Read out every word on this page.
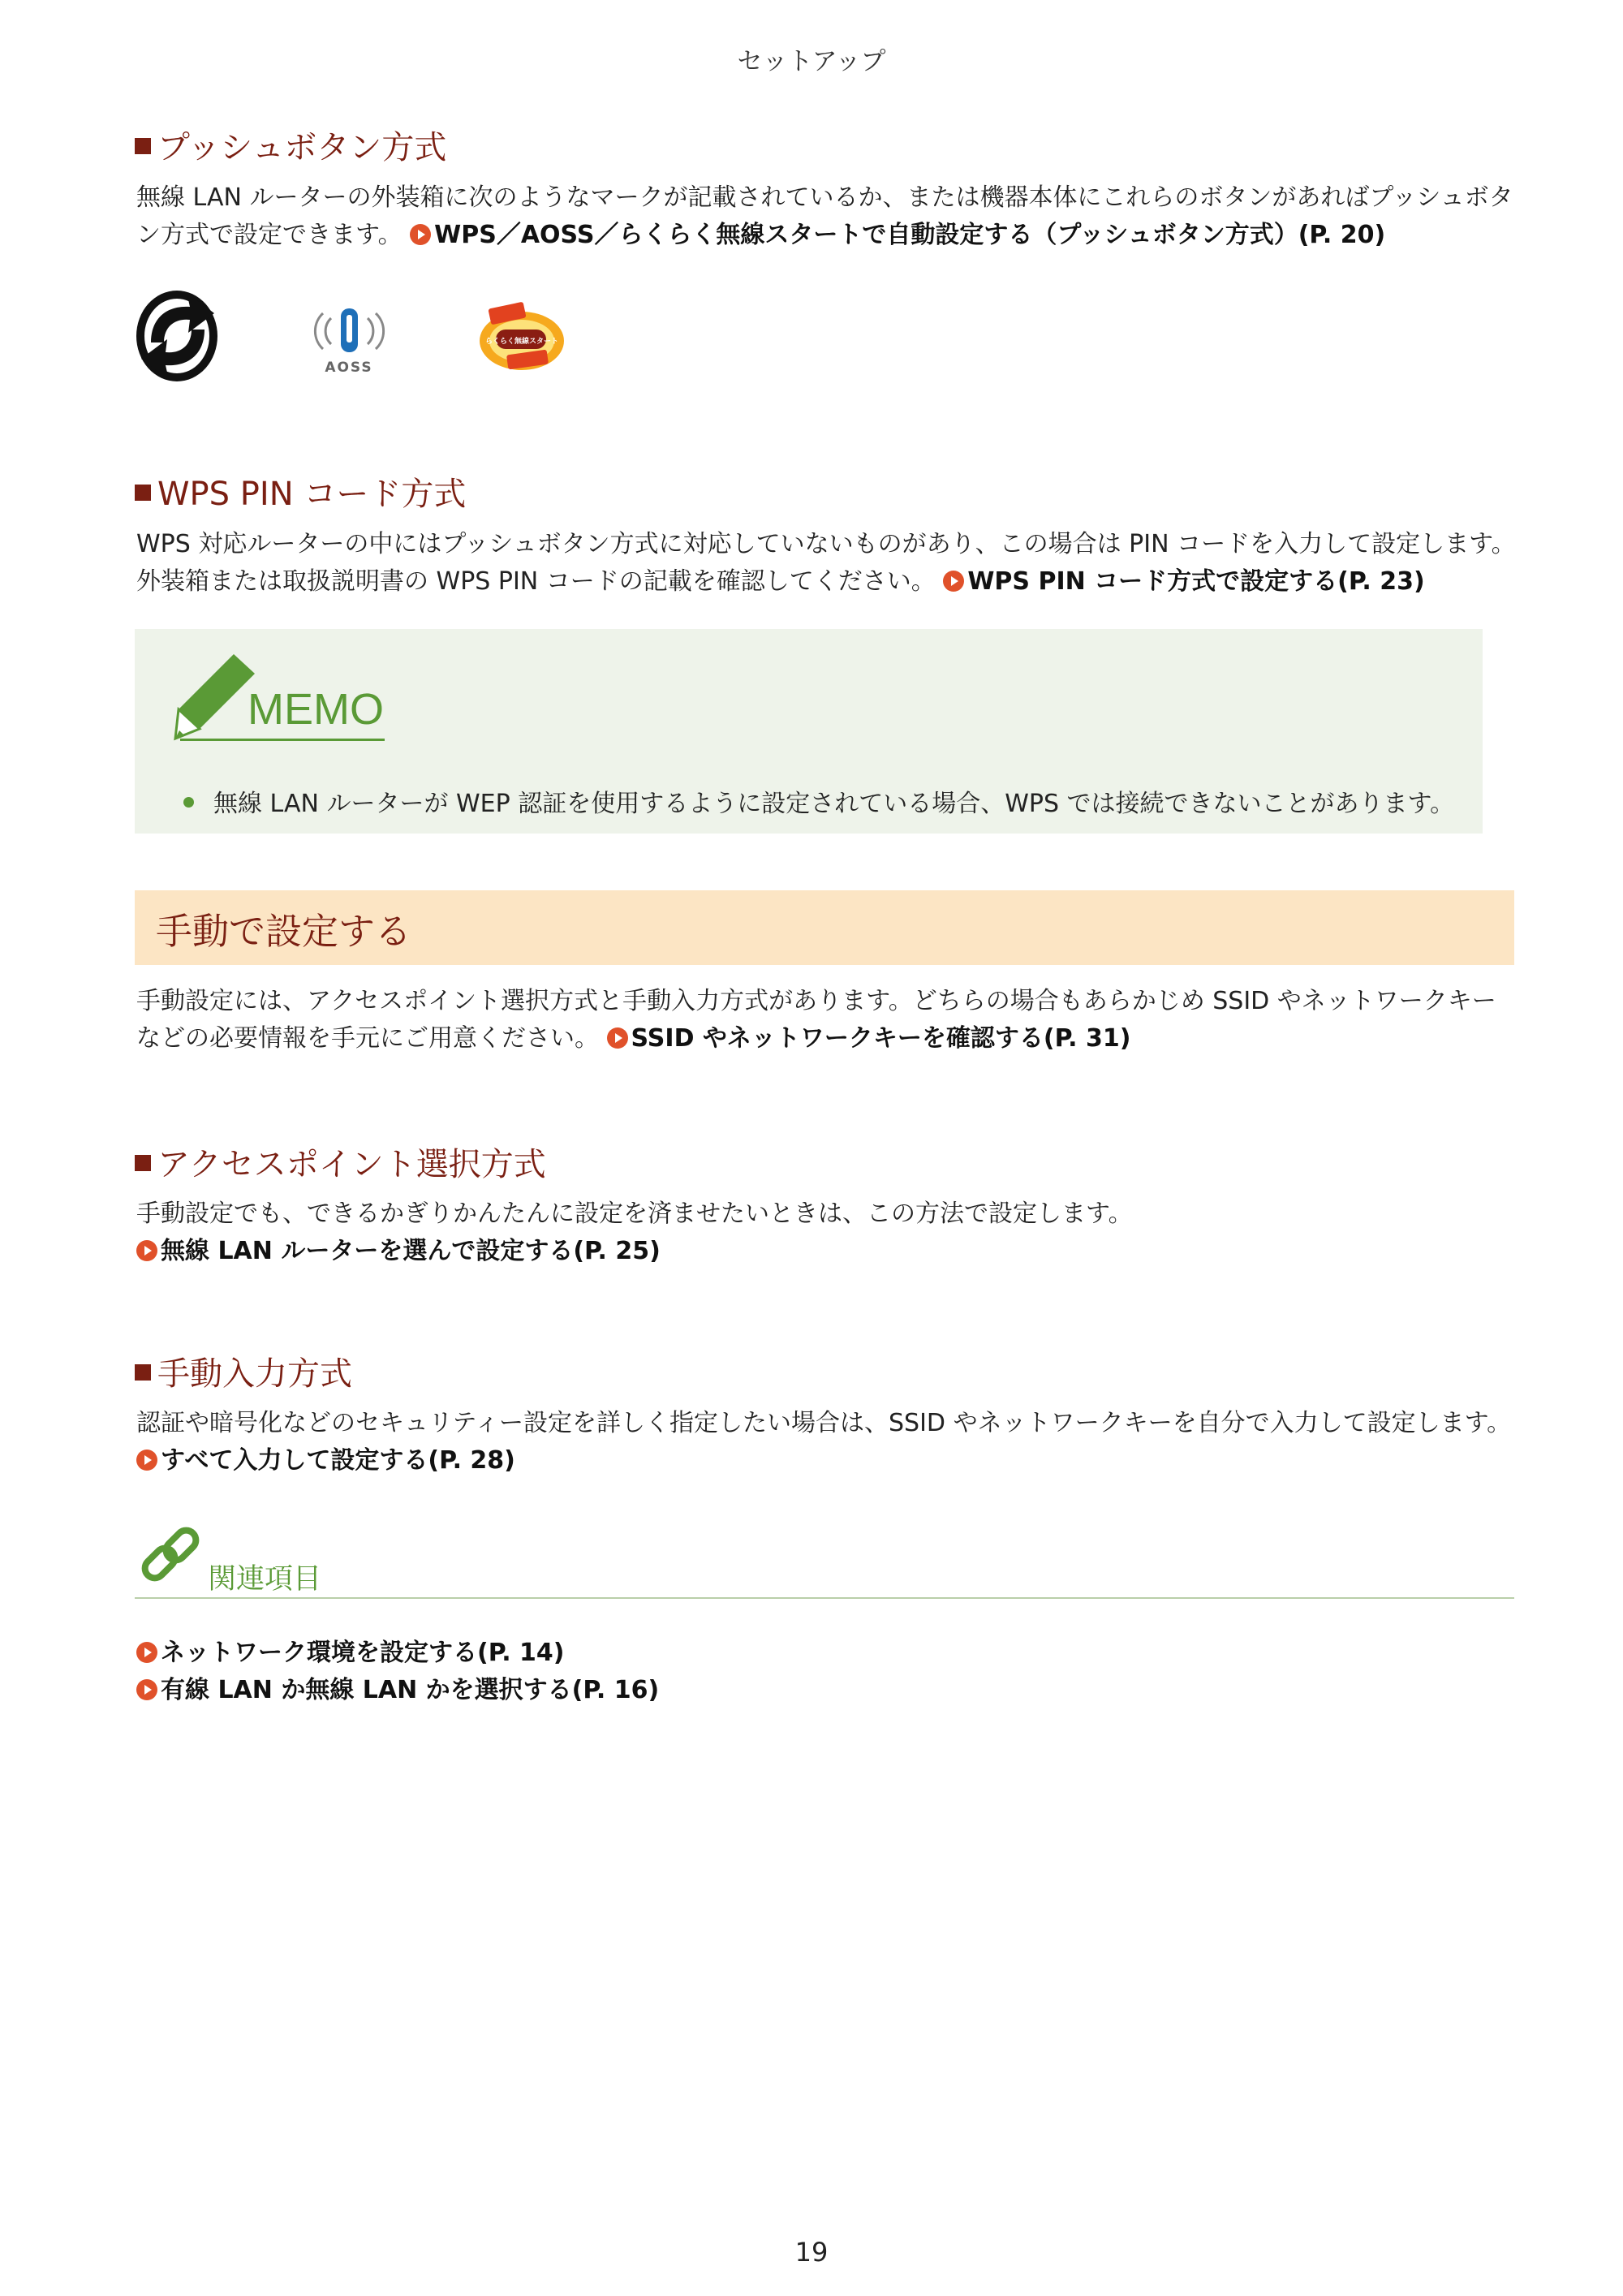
セットアップ
プッシュボタン方式
無線 LAN ルーターの外装箱に次のようなマークが記載されているか、または機器本体にこれらのボタンがあればプッシュボタン方式で設定できます。 WPS／AOSS／らくらく無線スタートで自動設定する（プッシュボタン方式）(P. 20)
AOSS
らくらく無線スタート
WPS PIN コード方式
WPS 対応ルーターの中にはプッシュボタン方式に対応していないものがあり、この場合は PIN コードを入力して設定します。外装箱または取扱説明書の WPS PIN コードの記載を確認してください。 WPS PIN コード方式で設定する(P. 23)
MEMO
無線 LAN ルーターが WEP 認証を使用するように設定されている場合、WPS では接続できないことがあります。
手動で設定する
手動設定には、アクセスポイント選択方式と手動入力方式があります。どちらの場合もあらかじめ SSID やネットワークキーなどの必要情報を手元にご用意ください。 SSID やネットワークキーを確認する(P. 31)
アクセスポイント選択方式
手動設定でも、できるかぎりかんたんに設定を済ませたいときは、この方法で設定します。 無線 LAN ルーターを選んで設定する(P. 25)
手動入力方式
認証や暗号化などのセキュリティー設定を詳しく指定したい場合は、SSID やネットワークキーを自分で入力して設定します。 すべて入力して設定する(P. 28)
関連項目
ネットワーク環境を設定する(P. 14)
有線 LAN か無線 LAN かを選択する(P. 16)
19
